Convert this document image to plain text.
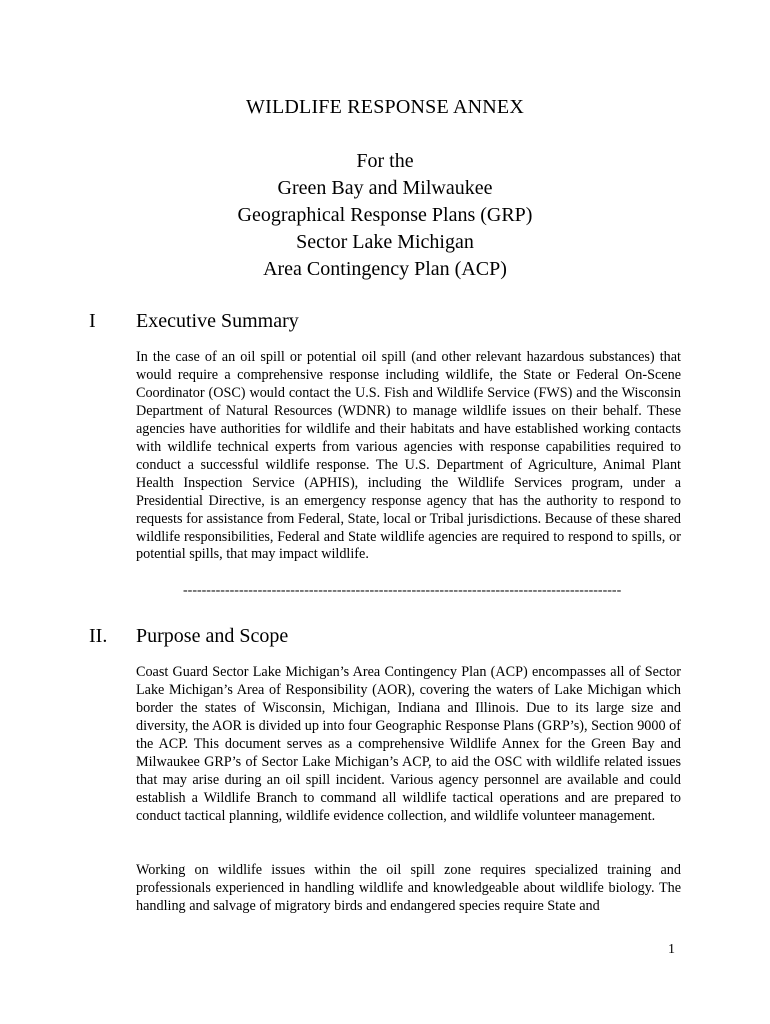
WILDLIFE RESPONSE ANNEX
For the
Green Bay and Milwaukee
Geographical Response Plans (GRP)
Sector Lake Michigan
Area Contingency Plan (ACP)
I Executive Summary

In the case of an oil spill or potential oil spill (and other relevant hazardous substances) that would require a comprehensive response including wildlife, the State or Federal On-Scene Coordinator (OSC) would contact the U.S. Fish and Wildlife Service (FWS) and the Wisconsin Department of Natural Resources (WDNR) to manage wildlife issues on their behalf. These agencies have authorities for wildlife and their habitats and have established working contacts with wildlife technical experts from various agencies with response capabilities required to conduct a successful wildlife response. The U.S. Department of Agriculture, Animal Plant Health Inspection Service (APHIS), including the Wildlife Services program, under a Presidential Directive, is an emergency response agency that has the authority to respond to requests for assistance from Federal, State, local or Tribal jurisdictions. Because of these shared wildlife responsibilities, Federal and State wildlife agencies are required to respond to spills, or potential spills, that may impact wildlife.

----------------------------------------------------------------------------------------------
II. Purpose and Scope

Coast Guard Sector Lake Michigan’s Area Contingency Plan (ACP) encompasses all of Sector Lake Michigan’s Area of Responsibility (AOR), covering the waters of Lake Michigan which border the states of Wisconsin, Michigan, Indiana and Illinois. Due to its large size and diversity, the AOR is divided up into four Geographic Response Plans (GRP’s), Section 9000 of the ACP. This document serves as a comprehensive Wildlife Annex for the Green Bay and Milwaukee GRP’s of Sector Lake Michigan’s ACP, to aid the OSC with wildlife related issues that may arise during an oil spill incident. Various agency personnel are available and could establish a Wildlife Branch to command all wildlife tactical operations and are prepared to conduct tactical planning, wildlife evidence collection, and wildlife volunteer management.

Working on wildlife issues within the oil spill zone requires specialized training and professionals experienced in handling wildlife and knowledgeable about wildlife biology. The handling and salvage of migratory birds and endangered species require State and

1
